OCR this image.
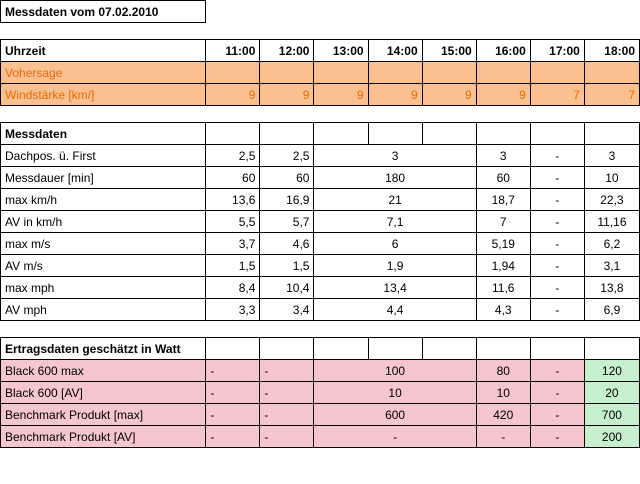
Messdaten vom 07.02.2010								

Uhrzeit	11:00	12:00	13:00	14:00	15:00	16:00	17:00	18:00
Vohersage								
Windstärke [km/]	9	9	9	9	9	9	7	7

Messdaten								
Dachpos. ü. First	2,5	2,5	3			3	-	3
Messdauer [min]	60	60	180			60	-	10
max km/h	13,6	16,9	21			18,7	-	22,3
AV in km/h	5,5	5,7	7,1			7	-	11,16
max m/s	3,7	4,6	6			5,19	-	6,2
AV m/s	1,5	1,5	1,9			1,94	-	3,1
max mph	8,4	10,4	13,4			11,6	-	13,8
AV mph	3,3	3,4	4,4			4,3	-	6,9

Ertragsdaten geschätzt in Watt								
Black 600 max	-	-	100			80	-	120
Black 600 [AV]	-	-	10			10	-	20
Benchmark Produkt [max]	-	-	600			420	-	700
Benchmark Produkt [AV]	-	-	-			-	-	200
